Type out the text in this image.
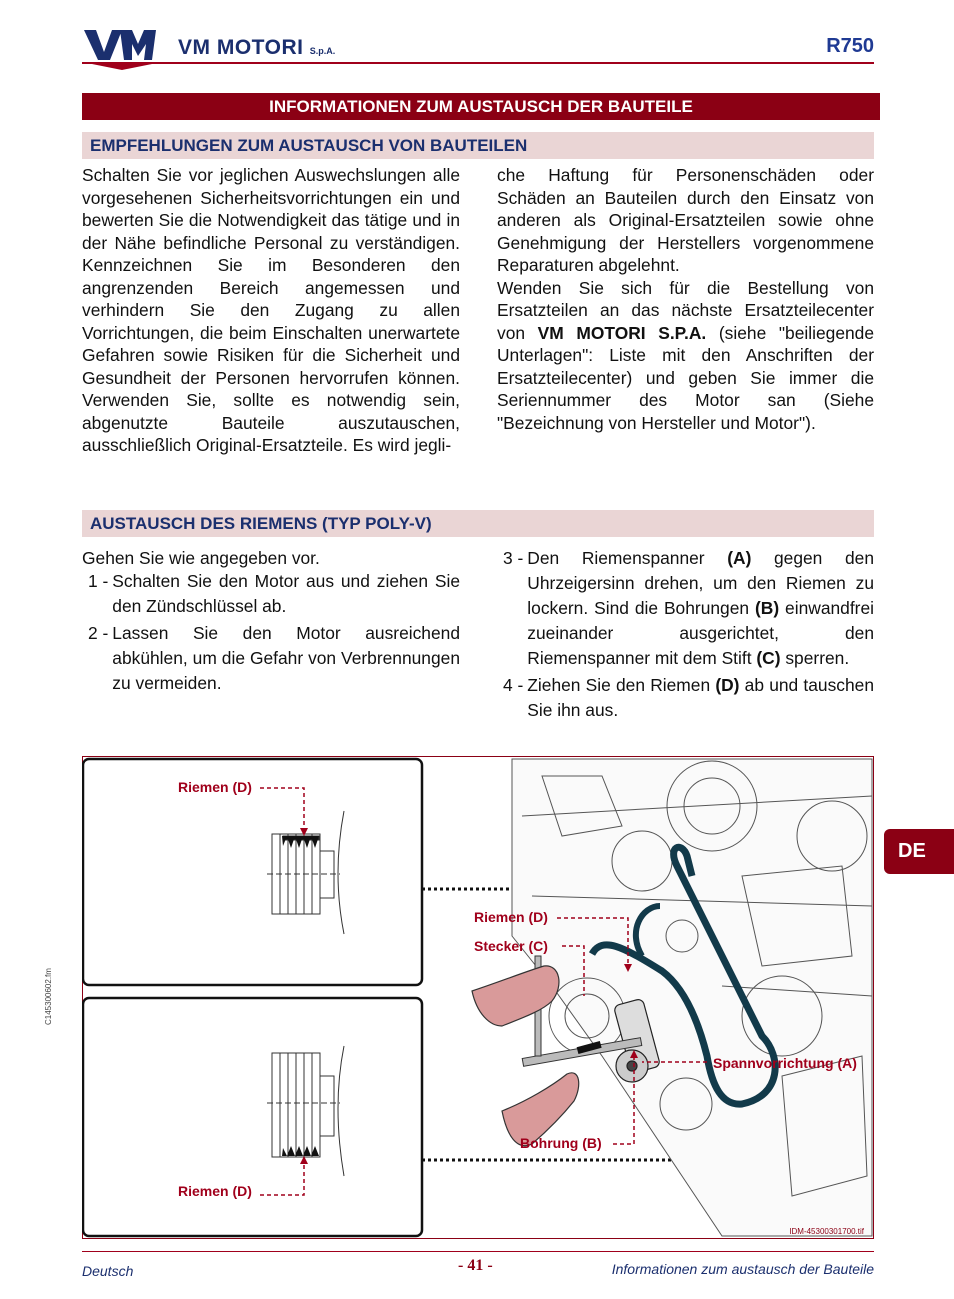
VM MOTORI S.p.A.	R750
INFORMATIONEN ZUM AUSTAUSCH DER BAUTEILE
EMPFEHLUNGEN ZUM AUSTAUSCH VON BAUTEILEN
Schalten Sie vor jeglichen Auswechslungen alle vorgesehenen Sicherheitsvorrichtungen ein und bewerten Sie die Notwendigkeit das tätige und in der Nähe befindliche Personal zu verständigen. Kennzeichnen Sie im Besonderen den angrenzenden Bereich angemessen und verhindern Sie den Zugang zu allen Vorrichtungen, die beim Einschalten unerwartete Gefahren sowie Risiken für die Sicherheit und Gesundheit der Personen hervorrufen können. Verwenden Sie, sollte es notwendig sein, abgenutzte Bauteile auszutauschen, ausschließlich Original-Ersatzteile. Es wird jegli-
che Haftung für Personenschäden oder Schäden an Bauteilen durch den Einsatz von anderen als Original-Ersatzteilen sowie ohne Genehmigung der Herstellers vorgenommene Reparaturen abgelehnt.
Wenden Sie sich für die Bestellung von Ersatzteilen an das nächste Ersatzteilecenter von VM MOTORI S.P.A. (siehe "beiliegende Unterlagen": Liste mit den Anschriften der Ersatzteilecenter) und geben Sie immer die Seriennummer des Motor san (Siehe "Bezeichnung von Hersteller und Motor").
AUSTAUSCH DES RIEMENS (TYP POLY-V)
Gehen Sie wie angegeben vor.
1 - Schalten Sie den Motor aus und ziehen Sie den Zündschlüssel ab.
2 - Lassen Sie den Motor ausreichend abkühlen, um die Gefahr von Verbrennungen zu vermeiden.
3 - Den Riemenspanner (A) gegen den Uhrzeigersinn drehen, um den Riemen zu lockern. Sind die Bohrungen (B) einwandfrei zueinander ausgerichtet, den Riemenspanner mit dem Stift (C) sperren.
4 - Ziehen Sie den Riemen (D) ab und tauschen Sie ihn aus.
DE
C145300602.fm
Riemen (D)
Riemen (D)
Riemen (D)
Stecker (C)
Spannvorrichtung (A)
Bohrung (B)
IDM-45300301700.tif
Deutsch	- 41 -	Informationen zum austausch der Bauteile
